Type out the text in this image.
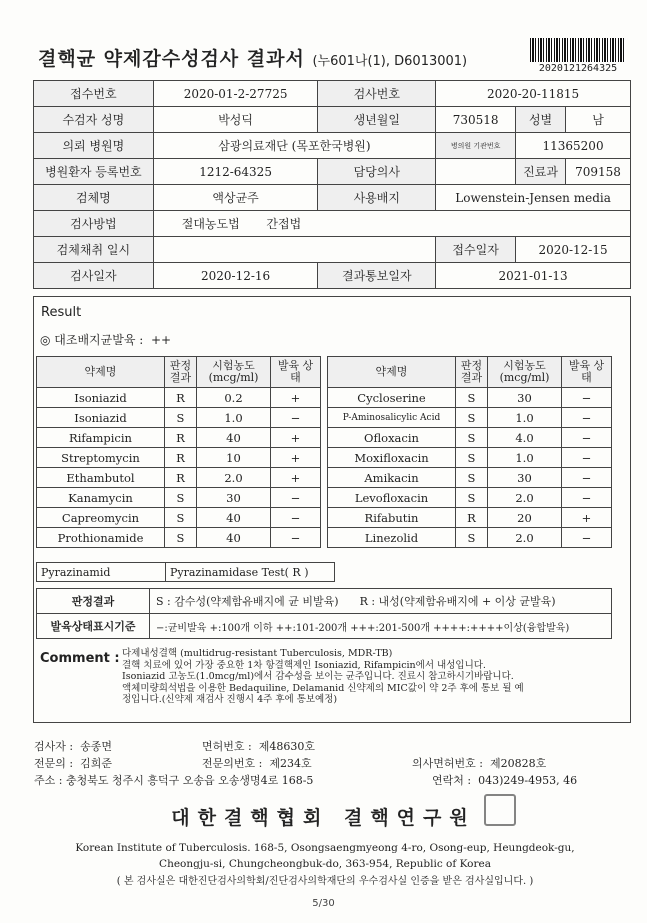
결핵균 약제감수성검사 결과서 (누601나(1), D6013001)	2020121264325
접수번호	2020-01-2-27725	검사번호	2020-20-11815		
수검자 성명	박성딕	생년월일	730518	성별	남
의뢰 병원명	삼광의료재단 (목포한국병원)		병의원 기관번호	11365200	
병원환자 등록번호	1212-64325	담당의사		진료과	709158
검체명	액상균주	사용배지	Lowenstein-Jensen media		
검사방법	절대농도법 간접법				
검체채취 일시			접수일자	2020-12-15	
검사일자	2020-12-16	결과통보일자	2021-01-13		
Result
◎ 대조배지균발육 : ++
약제명	판정 결과	시험농도 (mcg/ml)	발육 상태		약제명	판정 결과	시험농도 (mcg/ml)	발육 상태
Isoniazid	R	0.2	+		Cycloserine	S	30	−
Isoniazid	S	1.0	−		P-Aminosalicylic Acid	S	1.0	−
Rifampicin	R	40	+		Ofloxacin	S	4.0	−
Streptomycin	R	10	+		Moxifloxacin	S	1.0	−
Ethambutol	R	2.0	+		Amikacin	S	30	−
Kanamycin	S	30	−		Levofloxacin	S	2.0	−
Capreomycin	S	40	−		Rifabutin	R	20	+
Prothionamide	S	40	−		Linezolid	S	2.0	−
Pyrazinamid	Pyrazinamidase Test( R )
판정결과	S : 감수성(약제함유배지에 균 비발육) R : 내성(약제함유배지에 + 이상 균발육)
발육상태표시기준	−:균비발육 +:100개 이하 ++:101-200개 +++:201-500개 ++++:++++이상(융합발육)
Comment : 다제내성결핵 (multidrug-resistant Tuberculosis, MDR-TB)
결핵 치료에 있어 가장 중요한 1차 항결핵제인 Isoniazid, Rifampicin에서 내성입니다.
Isoniazid 고농도(1.0mcg/ml)에서 감수성을 보이는 균주입니다. 진료시 참고하시기바랍니다.
액체미량희석법을 이용한 Bedaquiline, Delamanid 신약제의 MIC값이 약 2주 후에 통보 될 예
정입니다.(신약제 재검사 진행시 4주 후에 통보예정)
검사자 : 송종면	면허번호 : 제48630호
전문의 : 김희준	전문의번호 : 제234호	의사면허번호 : 제20828호
주소 : 충청북도 청주시 흥덕구 오송읍 오송생명4로 168-5	연락처 : 043)249-4953, 46
대한결핵협회 결핵연구원
Korean Institute of Tuberculosis. 168-5, Osongsaengmyeong 4-ro, Osong-eup, Heungdeok-gu,
Cheongju-si, Chungcheongbuk-do, 363-954, Republic of Korea
( 본 검사실은 대한진단검사의학회/진단검사의학재단의 우수검사실 인증을 받은 검사실입니다. )
5/30
